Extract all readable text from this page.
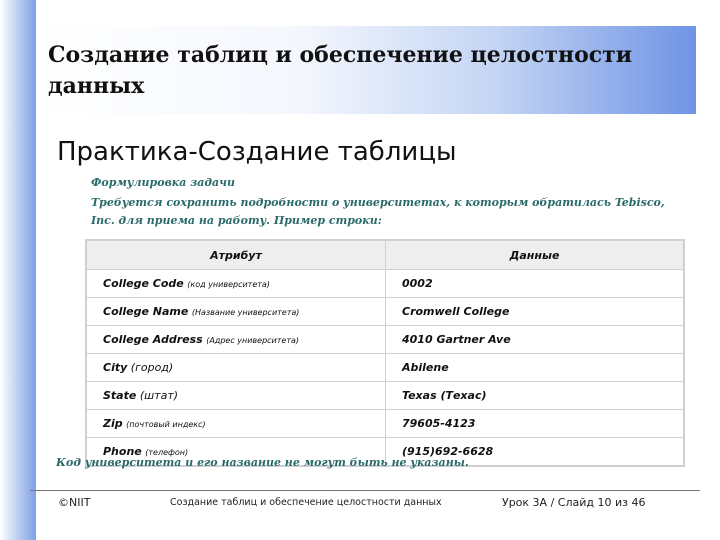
Создание таблиц и обеспечение целостности данных
Практика-Создание таблицы
Формулировка задачи
Требуется сохранить подробности о университетах, к которым обратилась Tebisco, Inc. для приема на работу. Пример строки:
Атрибут	Данные
College Code (код университета)	0002
College Name (Название университета)	Cromwell College
College Address (Адрес университета)	4010 Gartner Ave
City (город)	Abilene
State (штат)	Texas (Техас)
Zip (почтовый индекс)	79605-4123
Phone (телефон)	(915)692-6628
Код университета и его название не могут быть не указаны.
©NIIT	Создание таблиц и обеспечение целостности данных	Урок 3A / Слайд 10 из 46
